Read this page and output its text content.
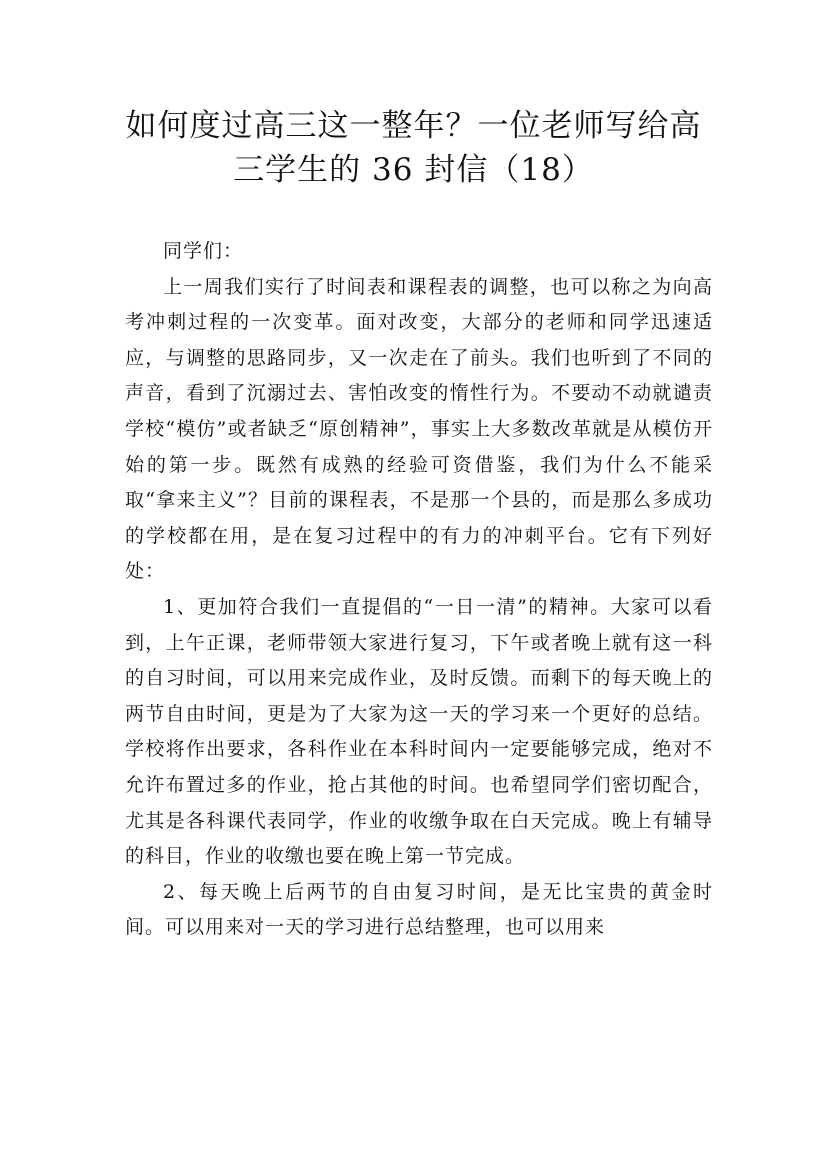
如何度过高三这一整年？一位老师写给高
三学生的 36 封信（18）

同学们：

上一周我们实行了时间表和课程表的调整，也可以称之为向高考冲刺过程的一次变革。面对改变，大部分的老师和同学迅速适应，与调整的思路同步，又一次走在了前头。我们也听到了不同的声音，看到了沉溺过去、害怕改变的惰性行为。不要动不动就谴责学校“模仿”或者缺乏“原创精神”，事实上大多数改革就是从模仿开始的第一步。既然有成熟的经验可资借鉴，我们为什么不能采取“拿来主义”？目前的课程表，不是那一个县的，而是那么多成功的学校都在用，是在复习过程中的有力的冲刺平台。它有下列好处：

1、更加符合我们一直提倡的“一日一清”的精神。大家可以看到，上午正课，老师带领大家进行复习，下午或者晚上就有这一科的自习时间，可以用来完成作业，及时反馈。而剩下的每天晚上的两节自由时间，更是为了大家为这一天的学习来一个更好的总结。学校将作出要求，各科作业在本科时间内一定要能够完成，绝对不允许布置过多的作业，抢占其他的时间。也希望同学们密切配合，尤其是各科课代表同学，作业的收缴争取在白天完成。晚上有辅导的科目，作业的收缴也要在晚上第一节完成。

2、每天晚上后两节的自由复习时间，是无比宝贵的黄金时间。可以用来对一天的学习进行总结整理，也可以用来
